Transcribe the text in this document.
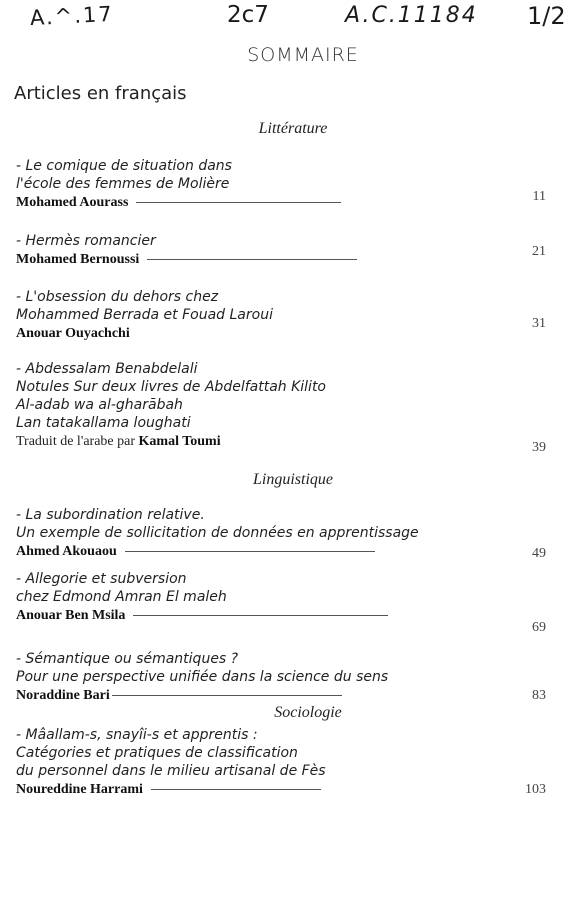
A.^.17	2c7	A.C.11184 1/2
SOMMAIRE
Articles en français
Littérature
- Le comique de situation dans
l'école des femmes de Molière
Mohamed Aourass	11
- Hermès romancier
Mohamed Bernoussi
21
- L'obsession du dehors chez
Mohammed Berrada et Fouad Laroui
Anouar Ouyachchi
31
- Abdessalam Benabdelali
Notules Sur deux livres de Abdelfattah Kilito
Al-adab wa al-gharābah
Lan tatakallama loughati
Traduit de l'arabe par Kamal Toumi	39
Linguistique
- La subordination relative.
Un exemple de sollicitation de données en apprentissage
Ahmed Akouaou	49
- Allegorie et subversion
chez Edmond Amran El maleh
Anouar Ben Msila
69
- Sémantique ou sémantiques ?
Pour une perspective unifiée dans la science du sens
Noraddine Bari	83
Sociologie
- Mâallam-s, snayîi-s et apprentis :
Catégories et pratiques de classification
du personnel dans le milieu artisanal de Fès
Noureddine Harrami	103
